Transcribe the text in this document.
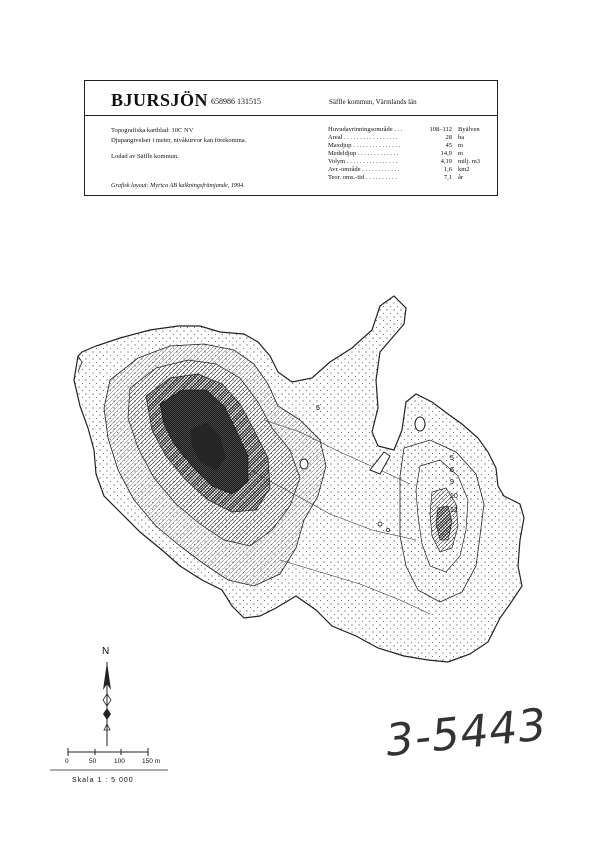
BJURSJÖN 658986 131515	Säffle kommun, Värmlands län
Topografiska kartblad: 10C NV
Djupangivelser i meter, nivåkurvor kan förekomma.
Lodad av Säffle kommun.
Grafisk layout: Myrica AB kalkningsfrämjande, 1994.
Huvudavrinningsområde . . .	108–112 Byälven
Areal . . . . . . . . . . . . . . . . .	28 ha
Maxdjup . . . . . . . . . . . . . . .	45 m
Medeldjup . . . . . . . . . . . . .	14,9 m
Volym . . . . . . . . . . . . . . . .	4,19 milj. m3
Avr.-område . . . . . . . . . . . .	1,6 km2
Teor. oms.-tid . . . . . . . . . .	7,1 år
5
6
9
10
12
5
N
0	50	100	150 m
Skala 1 : 5 000
3-5443
